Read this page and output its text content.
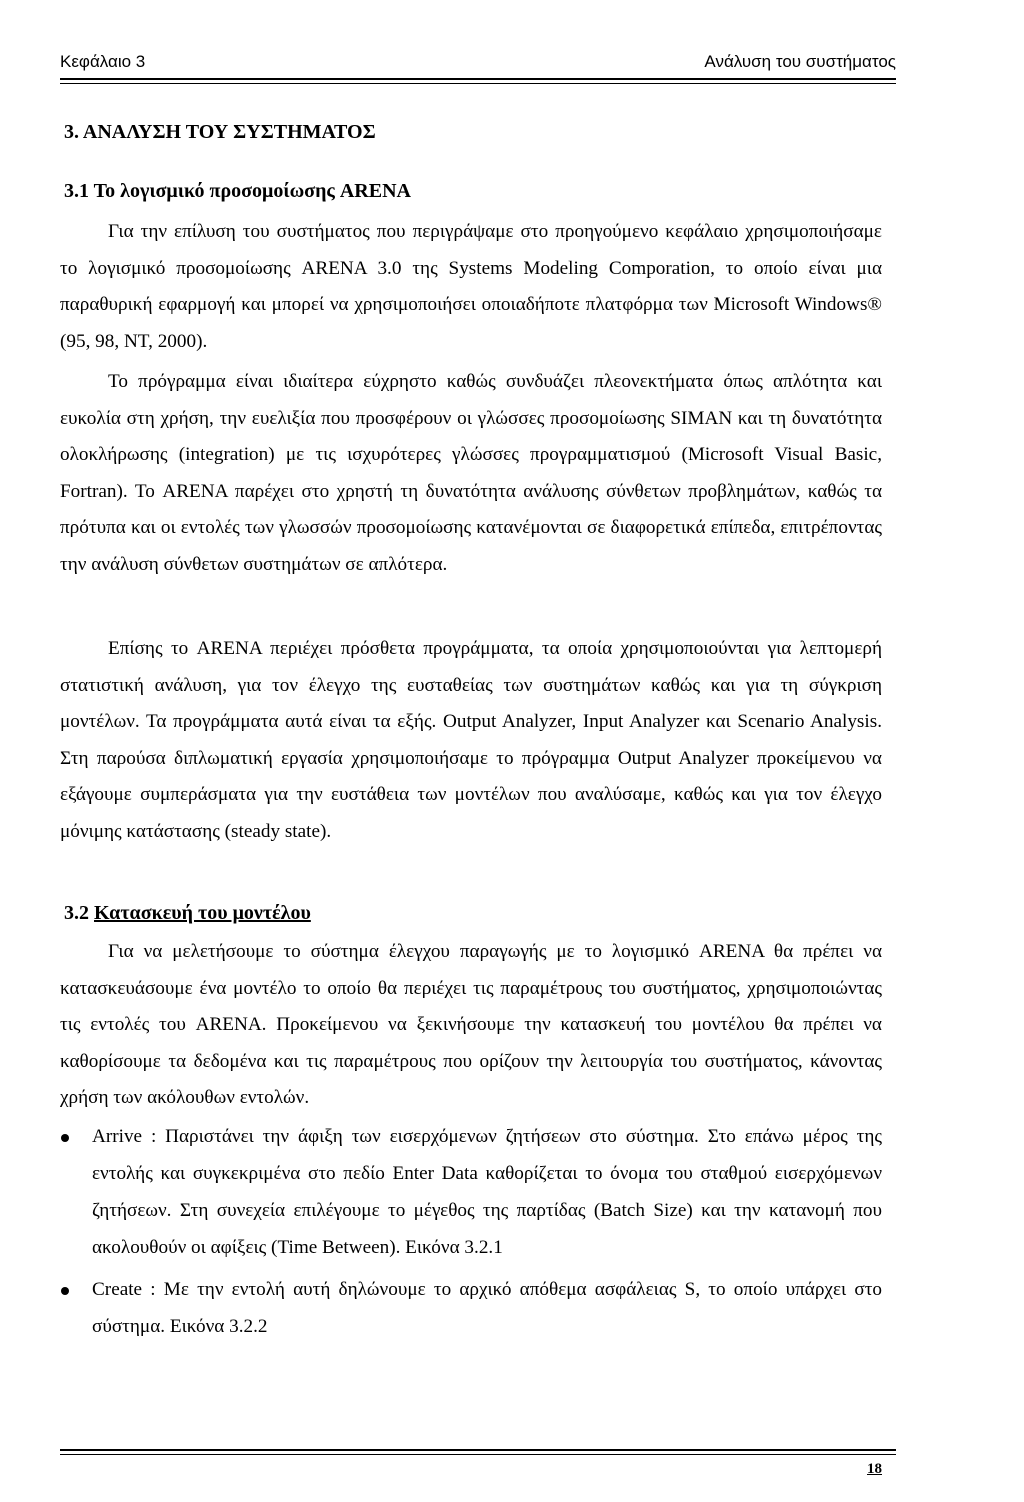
Κεφάλαιο 3	Ανάλυση του συστήματος
3. ΑΝΑΛΥΣΗ ΤΟΥ ΣΥΣΤΗΜΑΤΟΣ
3.1 Το λογισμικό προσομοίωσης ARENA

Για την επίλυση του συστήματος που περιγράψαμε στο προηγούμενο κεφάλαιο χρησιμοποιήσαμε το λογισμικό προσομοίωσης ARENA 3.0 της Systems Modeling Comporation, το οποίο είναι μια παραθυρική εφαρμογή και μπορεί να χρησιμοποιήσει οποιαδήποτε πλατφόρμα των Microsoft Windows® (95, 98, NT, 2000).

Το πρόγραμμα είναι ιδιαίτερα εύχρηστο καθώς συνδυάζει πλεονεκτήματα όπως απλότητα και ευκολία στη χρήση, την ευελιξία που προσφέρουν οι γλώσσες προσομοίωσης SIMAN και τη δυνατότητα ολοκλήρωσης (integration) με τις ισχυρότερες γλώσσες προγραμματισμού (Microsoft Visual Basic, Fortran). Το ARENA παρέχει στο χρηστή τη δυνατότητα ανάλυσης σύνθετων προβλημάτων, καθώς τα πρότυπα και οι εντολές των γλωσσών προσομοίωσης κατανέμονται σε διαφορετικά επίπεδα, επιτρέποντας την ανάλυση σύνθετων συστημάτων σε απλότερα.

Επίσης το ARENA περιέχει πρόσθετα προγράμματα, τα οποία χρησιμοποιούνται για λεπτομερή στατιστική ανάλυση, για τον έλεγχο της ευσταθείας των συστημάτων καθώς και για τη σύγκριση μοντέλων. Τα προγράμματα αυτά είναι τα εξής. Output Analyzer, Input Analyzer και Scenario Analysis. Στη παρούσα διπλωματική εργασία χρησιμοποιήσαμε το πρόγραμμα Output Analyzer προκείμενου να εξάγουμε συμπεράσματα για την ευστάθεια των μοντέλων που αναλύσαμε, καθώς και για τον έλεγχο μόνιμης κατάστασης (steady state).

3.2 Κατασκευή του μοντέλου

Για να μελετήσουμε το σύστημα έλεγχου παραγωγής με το λογισμικό ARENA θα πρέπει να κατασκευάσουμε ένα μοντέλο το οποίο θα περιέχει τις παραμέτρους του συστήματος, χρησιμοποιώντας τις εντολές του ARENA. Προκείμενου να ξεκινήσουμε την κατασκευή του μοντέλου θα πρέπει να καθορίσουμε τα δεδομένα και τις παραμέτρους που ορίζουν την λειτουργία του συστήματος, κάνοντας χρήση των ακόλουθων εντολών.

Arrive : Παριστάνει την άφιξη των εισερχόμενων ζητήσεων στο σύστημα. Στο επάνω μέρος της εντολής και συγκεκριμένα στο πεδίο Enter Data καθορίζεται το όνομα του σταθμού εισερχόμενων ζητήσεων. Στη συνεχεία επιλέγουμε το μέγεθος της παρτίδας (Batch Size) και την κατανομή που ακολουθούν οι αφίξεις (Time Between). Εικόνα 3.2.1
Create : Με την εντολή αυτή δηλώνουμε το αρχικό απόθεμα ασφάλειας S, το οποίο υπάρχει στο σύστημα. Εικόνα 3.2.2
18
